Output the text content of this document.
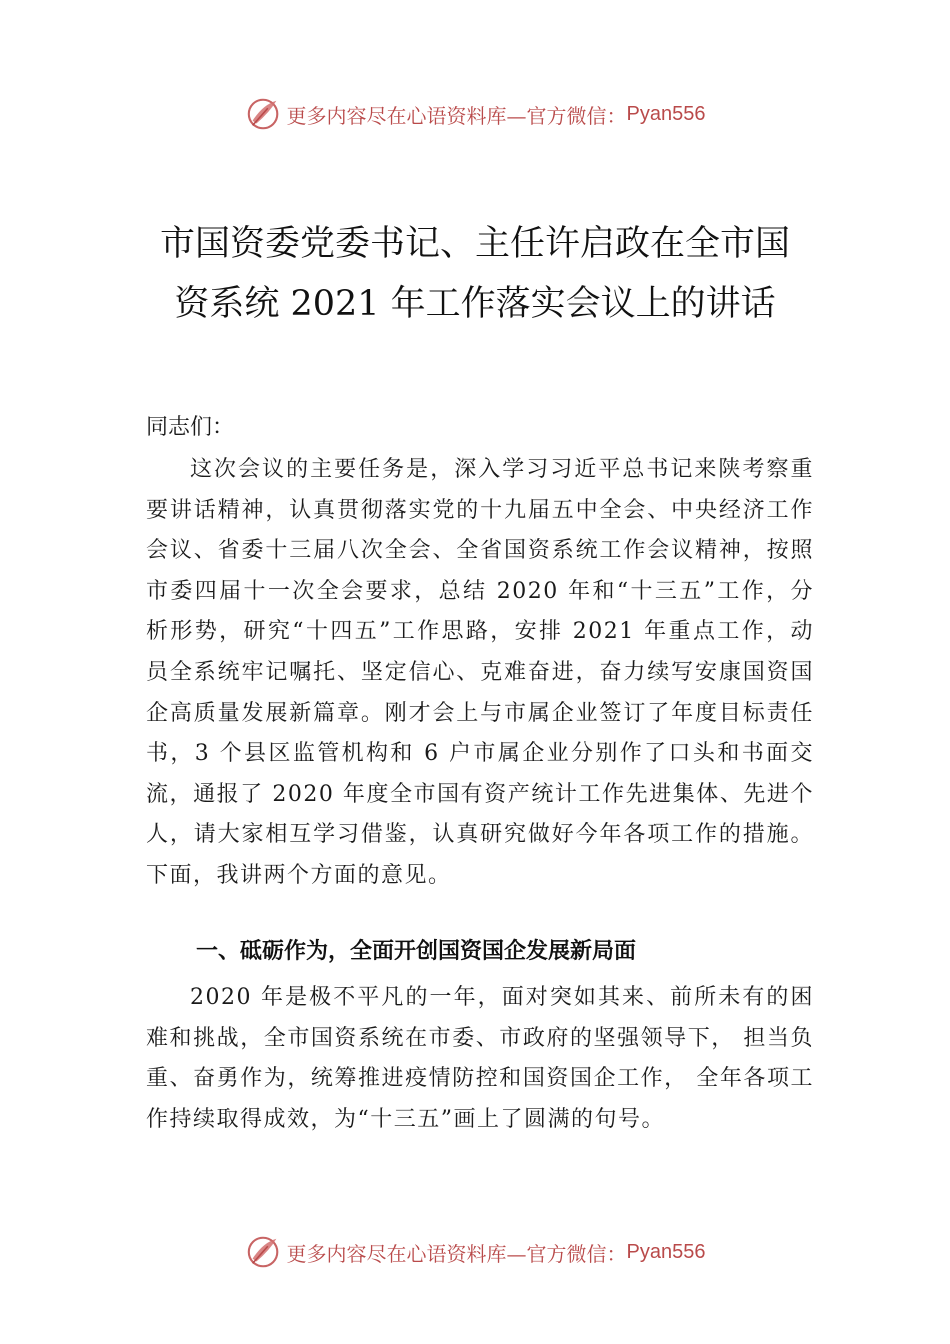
更多内容尽在心语资料库—官方微信： Pyan556
市国资委党委书记、主任许启政在全市国
资系统 2021 年工作落实会议上的讲话
同志们：

这次会议的主要任务是，深入学习习近平总书记来陕考察重要讲话精神，认真贯彻落实党的十九届五中全会、中央经济工作会议、省委十三届八次全会、全省国资系统工作会议精神，按照市委四届十一次全会要求，总结 2020 年和“十三五”工作，分析形势，研究“十四五”工作思路，安排 2021 年重点工作，动员全系统牢记嘱托、坚定信心、克难奋进，奋力续写安康国资国企高质量发展新篇章。刚才会上与市属企业签订了年度目标责任书，3 个县区监管机构和 6 户市属企业分别作了口头和书面交流，通报了 2020 年度全市国有资产统计工作先进集体、先进个人，请大家相互学习借鉴，认真研究做好今年各项工作的措施。下面，我讲两个方面的意见。

一、砥砺作为，全面开创国资国企发展新局面

2020 年是极不平凡的一年，面对突如其来、前所未有的困难和挑战，全市国资系统在市委、市政府的坚强领导下， 担当负重、奋勇作为，统筹推进疫情防控和国资国企工作， 全年各项工作持续取得成效，为“十三五”画上了圆满的句号。

更多内容尽在心语资料库—官方微信： Pyan556
